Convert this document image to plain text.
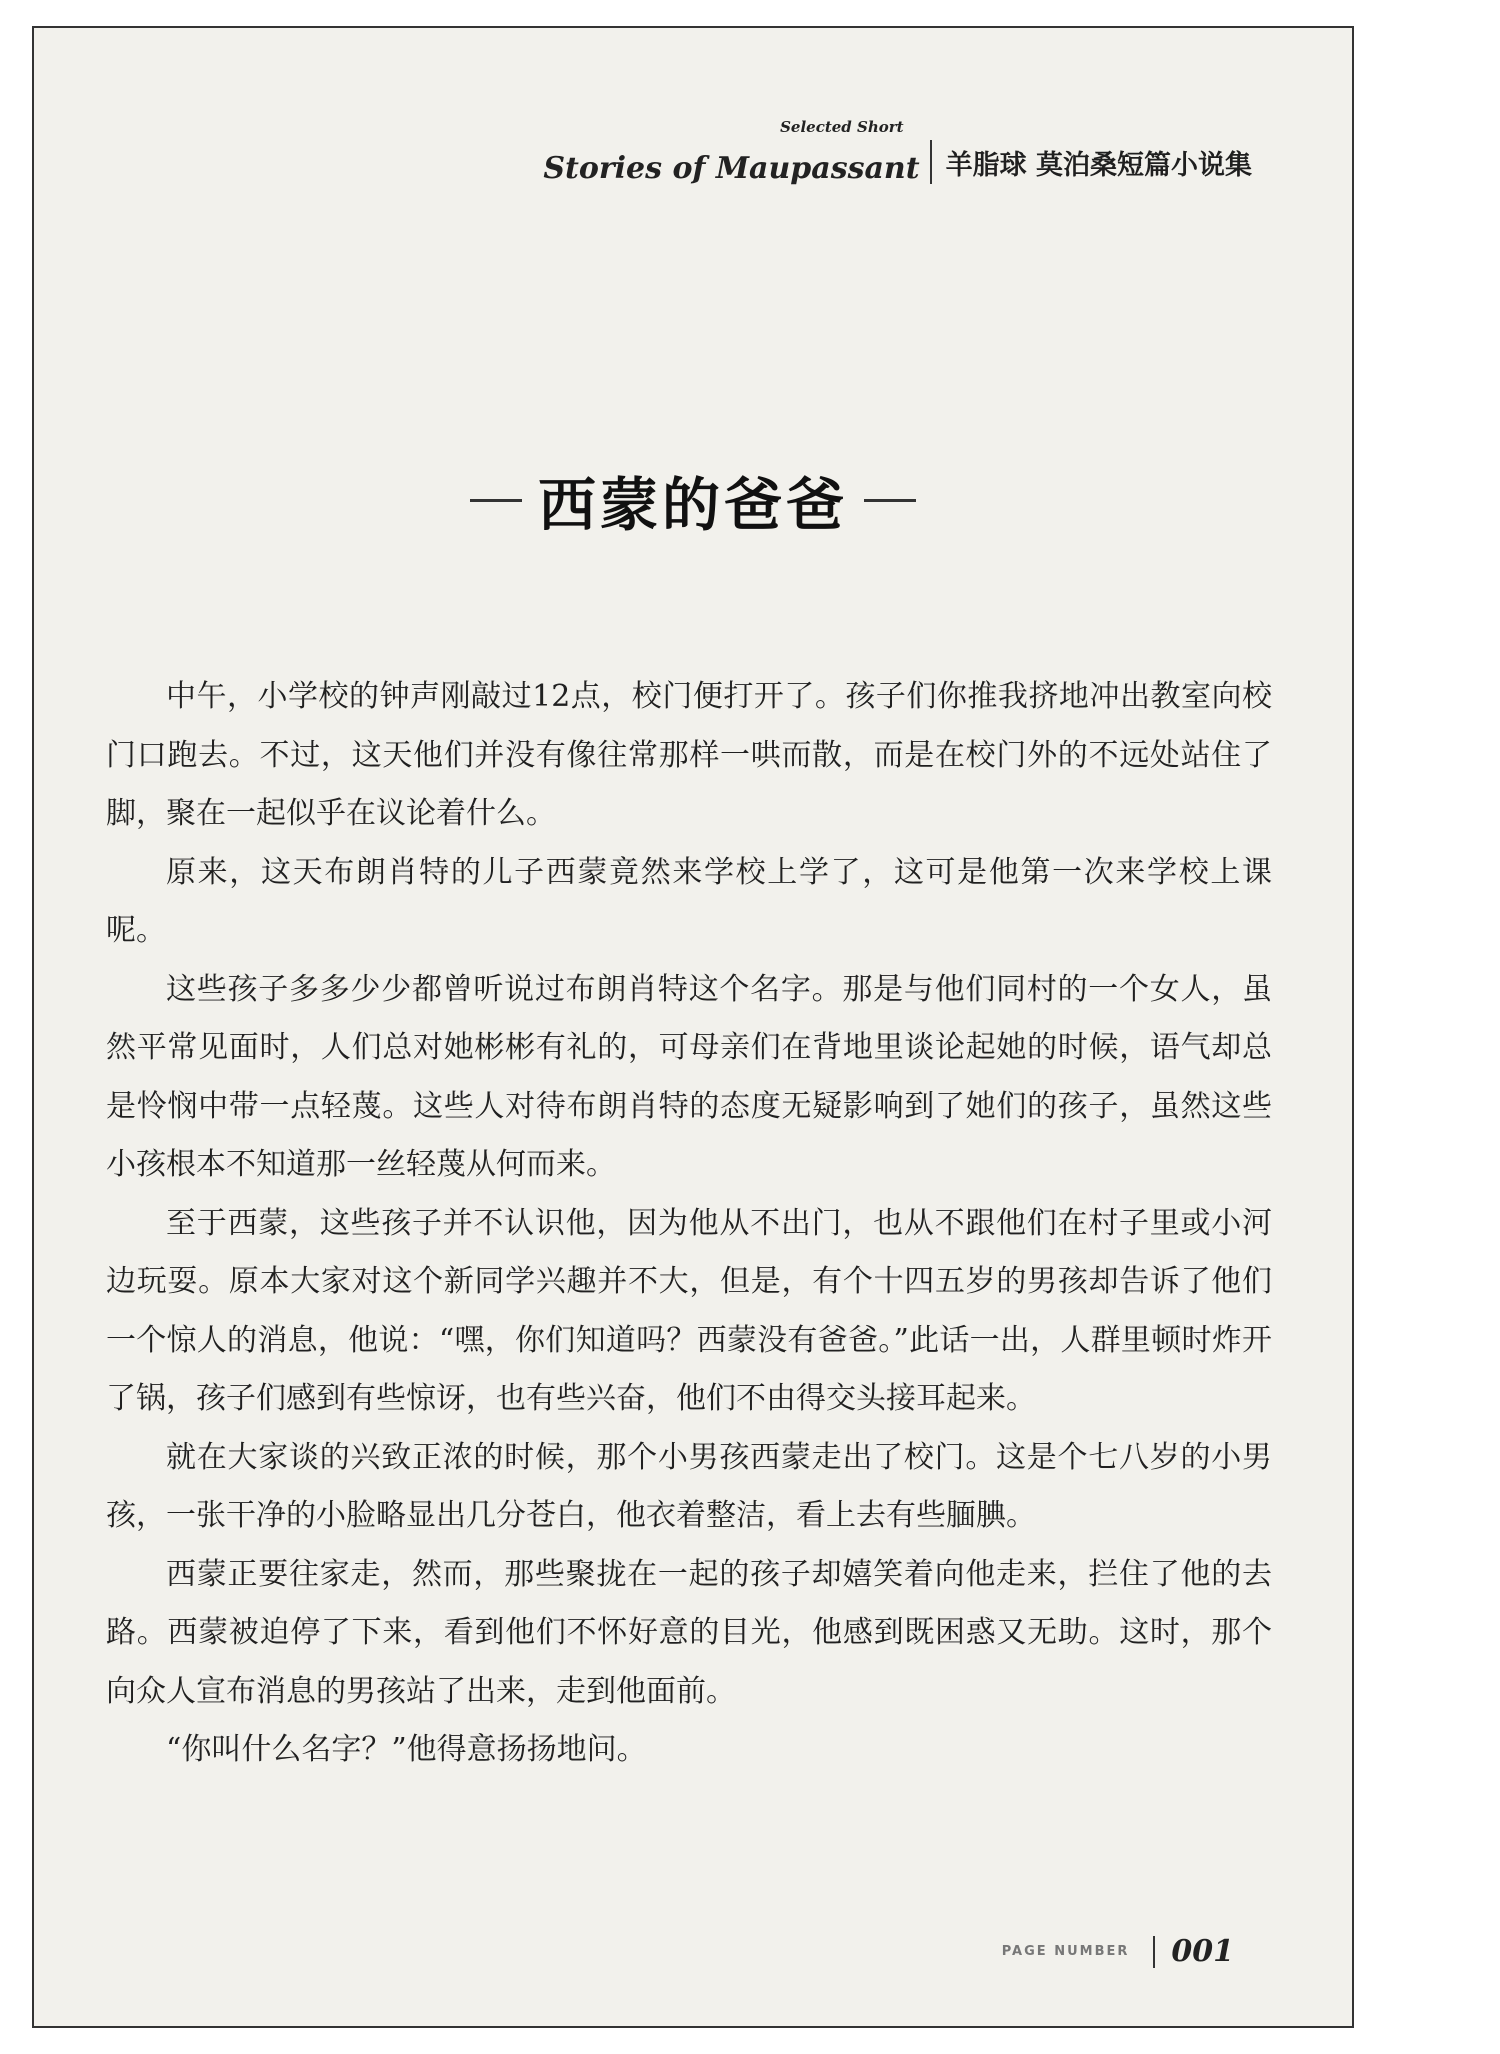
Selected Short
Stories of Maupassant 羊脂球 莫泊桑短篇小说集
西蒙的爸爸

中午，小学校的钟声刚敲过12点，校门便打开了。孩子们你推我挤地冲出教室向校门口跑去。不过，这天他们并没有像往常那样一哄而散，而是在校门外的不远处站住了脚，聚在一起似乎在议论着什么。

原来，这天布朗肖特的儿子西蒙竟然来学校上学了，这可是他第一次来学校上课呢。

这些孩子多多少少都曾听说过布朗肖特这个名字。那是与他们同村的一个女人，虽然平常见面时，人们总对她彬彬有礼的，可母亲们在背地里谈论起她的时候，语气却总是怜悯中带一点轻蔑。这些人对待布朗肖特的态度无疑影响到了她们的孩子，虽然这些小孩根本不知道那一丝轻蔑从何而来。

至于西蒙，这些孩子并不认识他，因为他从不出门，也从不跟他们在村子里或小河边玩耍。原本大家对这个新同学兴趣并不大，但是，有个十四五岁的男孩却告诉了他们一个惊人的消息，他说：“嘿，你们知道吗？西蒙没有爸爸。”此话一出，人群里顿时炸开了锅，孩子们感到有些惊讶，也有些兴奋，他们不由得交头接耳起来。

就在大家谈的兴致正浓的时候，那个小男孩西蒙走出了校门。这是个七八岁的小男孩，一张干净的小脸略显出几分苍白，他衣着整洁，看上去有些腼腆。

西蒙正要往家走，然而，那些聚拢在一起的孩子却嬉笑着向他走来，拦住了他的去路。西蒙被迫停了下来，看到他们不怀好意的目光，他感到既困惑又无助。这时，那个向众人宣布消息的男孩站了出来，走到他面前。

“你叫什么名字？”他得意扬扬地问。

PAGE NUMBER 001
